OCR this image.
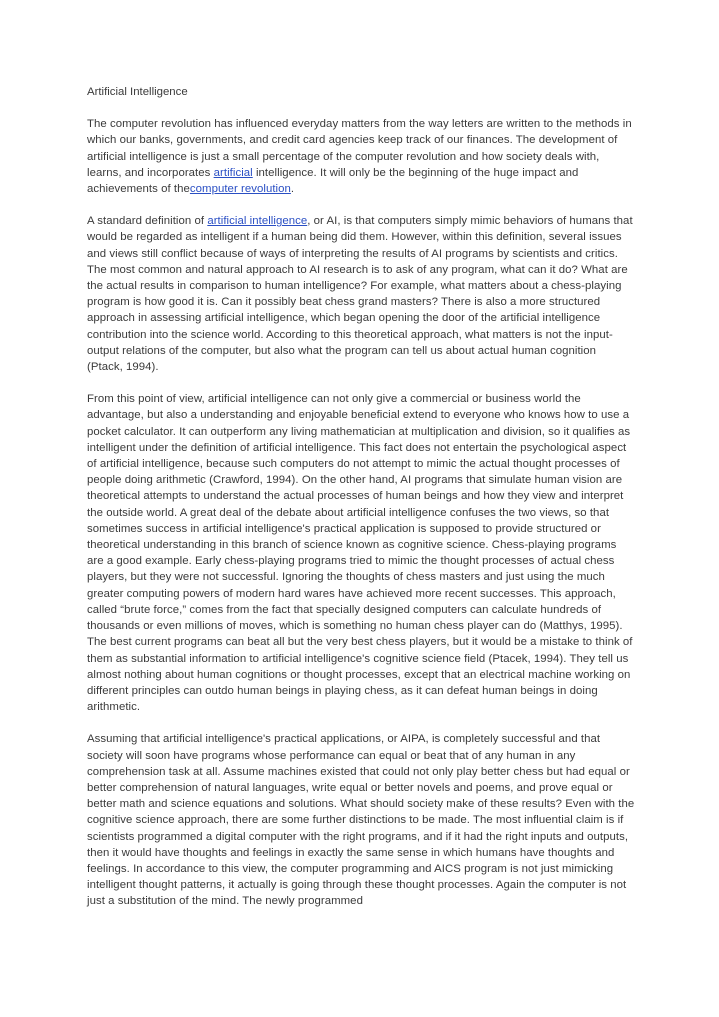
Artificial Intelligence

The computer revolution has influenced everyday matters from the way letters are written to the methods in which our banks, governments, and credit card agencies keep track of our finances. The development of artificial intelligence is just a small percentage of the computer revolution and how society deals with, learns, and incorporates artificial intelligence. It will only be the beginning of the huge impact and achievements of thecomputer revolution.

A standard definition of artificial intelligence, or AI, is that computers simply mimic behaviors of humans that would be regarded as intelligent if a human being did them. However, within this definition, several issues and views still conflict because of ways of interpreting the results of AI programs by scientists and critics. The most common and natural approach to AI research is to ask of any program, what can it do? What are the actual results in comparison to human intelligence? For example, what matters about a chess-playing program is how good it is. Can it possibly beat chess grand masters? There is also a more structured approach in assessing artificial intelligence, which began opening the door of the artificial intelligence contribution into the science world. According to this theoretical approach, what matters is not the input-output relations of the computer, but also what the program can tell us about actual human cognition (Ptack, 1994).

From this point of view, artificial intelligence can not only give a commercial or business world the advantage, but also a understanding and enjoyable beneficial extend to everyone who knows how to use a pocket calculator. It can outperform any living mathematician at multiplication and division, so it qualifies as intelligent under the definition of artificial intelligence. This fact does not entertain the psychological aspect of artificial intelligence, because such computers do not attempt to mimic the actual thought processes of people doing arithmetic (Crawford, 1994). On the other hand, AI programs that simulate human vision are theoretical attempts to understand the actual processes of human beings and how they view and interpret the outside world. A great deal of the debate about artificial intelligence confuses the two views, so that sometimes success in artificial intelligence's practical application is supposed to provide structured or theoretical understanding in this branch of science known as cognitive science. Chess-playing programs are a good example. Early chess-playing programs tried to mimic the thought processes of actual chess players, but they were not successful. Ignoring the thoughts of chess masters and just using the much greater computing powers of modern hard wares have achieved more recent successes. This approach, called “brute force,” comes from the fact that specially designed computers can calculate hundreds of thousands or even millions of moves, which is something no human chess player can do (Matthys, 1995). The best current programs can beat all but the very best chess players, but it would be a mistake to think of them as substantial information to artificial intelligence's cognitive science field (Ptacek, 1994). They tell us almost nothing about human cognitions or thought processes, except that an electrical machine working on different principles can outdo human beings in playing chess, as it can defeat human beings in doing arithmetic.

Assuming that artificial intelligence's practical applications, or AIPA, is completely successful and that society will soon have programs whose performance can equal or beat that of any human in any comprehension task at all. Assume machines existed that could not only play better chess but had equal or better comprehension of natural languages, write equal or better novels and poems, and prove equal or better math and science equations and solutions. What should society make of these results? Even with the cognitive science approach, there are some further distinctions to be made. The most influential claim is if scientists programmed a digital computer with the right programs, and if it had the right inputs and outputs, then it would have thoughts and feelings in exactly the same sense in which humans have thoughts and feelings. In accordance to this view, the computer programming and AICS program is not just mimicking intelligent thought patterns, it actually is going through these thought processes. Again the computer is not just a substitution of the mind. The newly programmed
